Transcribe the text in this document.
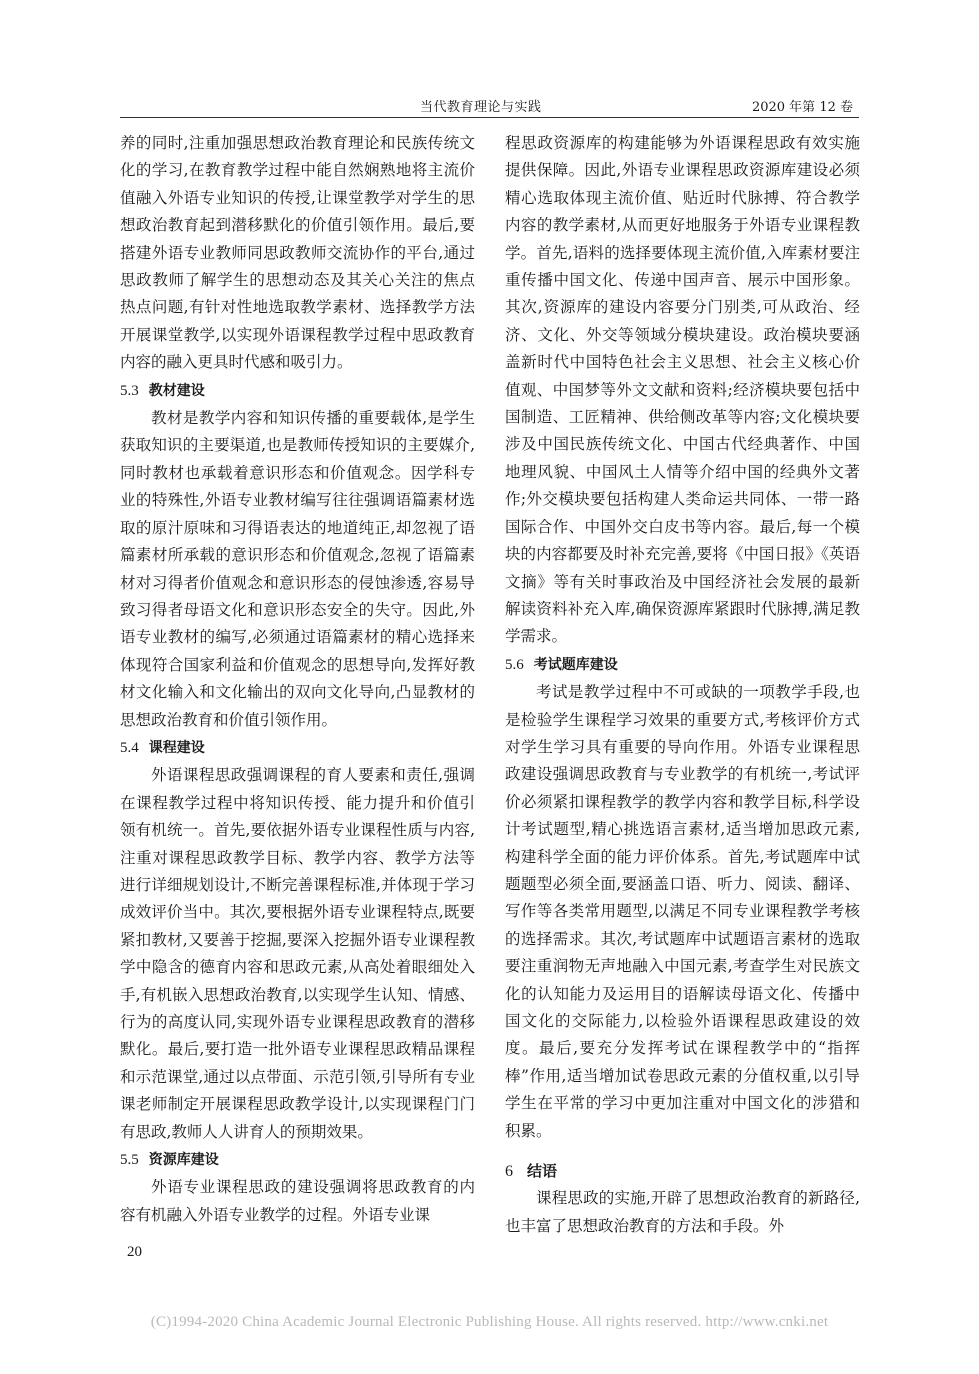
当代教育理论与实践	2020 年第 12 卷

养的同时,注重加强思想政治教育理论和民族传统文化的学习,在教育教学过程中能自然娴熟地将主流价值融入外语专业知识的传授,让课堂教学对学生的思想政治教育起到潜移默化的价值引领作用。最后,要搭建外语专业教师同思政教师交流协作的平台,通过思政教师了解学生的思想动态及其关心关注的焦点热点问题,有针对性地选取教学素材、选择教学方法开展课堂教学,以实现外语课程教学过程中思政教育内容的融入更具时代感和吸引力。

5.3 教材建设

教材是教学内容和知识传播的重要载体,是学生获取知识的主要渠道,也是教师传授知识的主要媒介,同时教材也承载着意识形态和价值观念。因学科专业的特殊性,外语专业教材编写往往强调语篇素材选取的原汁原味和习得语表达的地道纯正,却忽视了语篇素材所承载的意识形态和价值观念,忽视了语篇素材对习得者价值观念和意识形态的侵蚀渗透,容易导致习得者母语文化和意识形态安全的失守。因此,外语专业教材的编写,必须通过语篇素材的精心选择来体现符合国家利益和价值观念的思想导向,发挥好教材文化输入和文化输出的双向文化导向,凸显教材的思想政治教育和价值引领作用。

5.4 课程建设

外语课程思政强调课程的育人要素和责任,强调在课程教学过程中将知识传授、能力提升和价值引领有机统一。首先,要依据外语专业课程性质与内容,注重对课程思政教学目标、教学内容、教学方法等进行详细规划设计,不断完善课程标准,并体现于学习成效评价当中。其次,要根据外语专业课程特点,既要紧扣教材,又要善于挖掘,要深入挖掘外语专业课程教学中隐含的德育内容和思政元素,从高处着眼细处入手,有机嵌入思想政治教育,以实现学生认知、情感、行为的高度认同,实现外语专业课程思政教育的潜移默化。最后,要打造一批外语专业课程思政精品课程和示范课堂,通过以点带面、示范引领,引导所有专业课老师制定开展课程思政教学设计,以实现课程门门有思政,教师人人讲育人的预期效果。

5.5 资源库建设

外语专业课程思政的建设强调将思政教育的内容有机融入外语专业教学的过程。外语专业课

程思政资源库的构建能够为外语课程思政有效实施提供保障。因此,外语专业课程思政资源库建设必须精心选取体现主流价值、贴近时代脉搏、符合教学内容的教学素材,从而更好地服务于外语专业课程教学。首先,语料的选择要体现主流价值,入库素材要注重传播中国文化、传递中国声音、展示中国形象。其次,资源库的建设内容要分门别类,可从政治、经济、文化、外交等领域分模块建设。政治模块要涵盖新时代中国特色社会主义思想、社会主义核心价值观、中国梦等外文文献和资料;经济模块要包括中国制造、工匠精神、供给侧改革等内容;文化模块要涉及中国民族传统文化、中国古代经典著作、中国地理风貌、中国风土人情等介绍中国的经典外文著作;外交模块要包括构建人类命运共同体、一带一路国际合作、中国外交白皮书等内容。最后,每一个模块的内容都要及时补充完善,要将《中国日报》《英语文摘》等有关时事政治及中国经济社会发展的最新解读资料补充入库,确保资源库紧跟时代脉搏,满足教学需求。

5.6 考试题库建设

考试是教学过程中不可或缺的一项教学手段,也是检验学生课程学习效果的重要方式,考核评价方式对学生学习具有重要的导向作用。外语专业课程思政建设强调思政教育与专业教学的有机统一,考试评价必须紧扣课程教学的教学内容和教学目标,科学设计考试题型,精心挑选语言素材,适当增加思政元素,构建科学全面的能力评价体系。首先,考试题库中试题题型必须全面,要涵盖口语、听力、阅读、翻译、写作等各类常用题型,以满足不同专业课程教学考核的选择需求。其次,考试题库中试题语言素材的选取要注重润物无声地融入中国元素,考查学生对民族文化的认知能力及运用目的语解读母语文化、传播中国文化的交际能力,以检验外语课程思政建设的效度。最后,要充分发挥考试在课程教学中的“指挥棒”作用,适当增加试卷思政元素的分值权重,以引导学生在平常的学习中更加注重对中国文化的涉猎和积累。

6 结语

课程思政的实施,开辟了思想政治教育的新路径,也丰富了思想政治教育的方法和手段。外

20
(C)1994-2020 China Academic Journal Electronic Publishing House. All rights reserved. http://www.cnki.net
